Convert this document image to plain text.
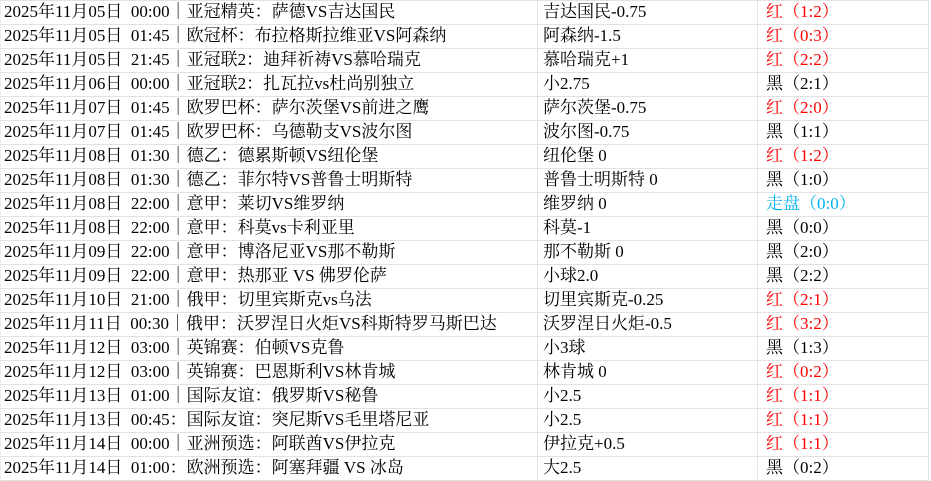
2025年11月05日  00:00｜亚冠精英：萨德VS吉达国民	吉达国民-0.75	红（1:2）
2025年11月05日  01:45｜欧冠杯：布拉格斯拉维亚VS阿森纳	阿森纳-1.5	红（0:3）
2025年11月05日  21:45｜亚冠联2：迪拜祈祷VS慕哈瑞克	慕哈瑞克+1	红（2:2）
2025年11月06日  00:00｜亚冠联2：扎瓦拉vs杜尚别独立	小2.75	黑（2:1）
2025年11月07日  01:45｜欧罗巴杯：萨尔茨堡VS前进之鹰	萨尔茨堡-0.75	红（2:0）
2025年11月07日  01:45｜欧罗巴杯：乌德勒支VS波尔图	波尔图-0.75	黑（1:1）
2025年11月08日  01:30｜德乙：德累斯顿VS纽伦堡	纽伦堡 0	红（1:2）
2025年11月08日  01:30｜德乙：菲尔特VS普鲁士明斯特	普鲁士明斯特 0	黑（1:0）
2025年11月08日  22:00｜意甲：莱切VS维罗纳	维罗纳 0	走盘（0:0）
2025年11月08日  22:00｜意甲：科莫vs卡利亚里	科莫-1	黑（0:0）
2025年11月09日  22:00｜意甲：博洛尼亚VS那不勒斯	那不勒斯 0	黑（2:0）
2025年11月09日  22:00｜意甲：热那亚 VS 佛罗伦萨	小球2.0	黑（2:2）
2025年11月10日  21:00｜俄甲：切里宾斯克vs乌法	切里宾斯克-0.25	红（2:1）
2025年11月11日  00:30｜俄甲：沃罗涅日火炬VS科斯特罗马斯巴达	沃罗涅日火炬-0.5	红（3:2）
2025年11月12日  03:00｜英锦赛：伯顿VS克鲁	小3球	黑（1:3）
2025年11月12日  03:00｜英锦赛：巴恩斯利VS林肯城	林肯城 0	红（0:2）
2025年11月13日  01:00｜国际友谊：俄罗斯VS秘鲁	小2.5	红（1:1）
2025年11月13日  00:45：国际友谊：突尼斯VS毛里塔尼亚	小2.5	红（1:1）
2025年11月14日  00:00｜亚洲预选：阿联酋VS伊拉克	伊拉克+0.5	红（1:1）
2025年11月14日  01:00：欧洲预选：阿塞拜疆 VS 冰岛	大2.5	黑（0:2）
